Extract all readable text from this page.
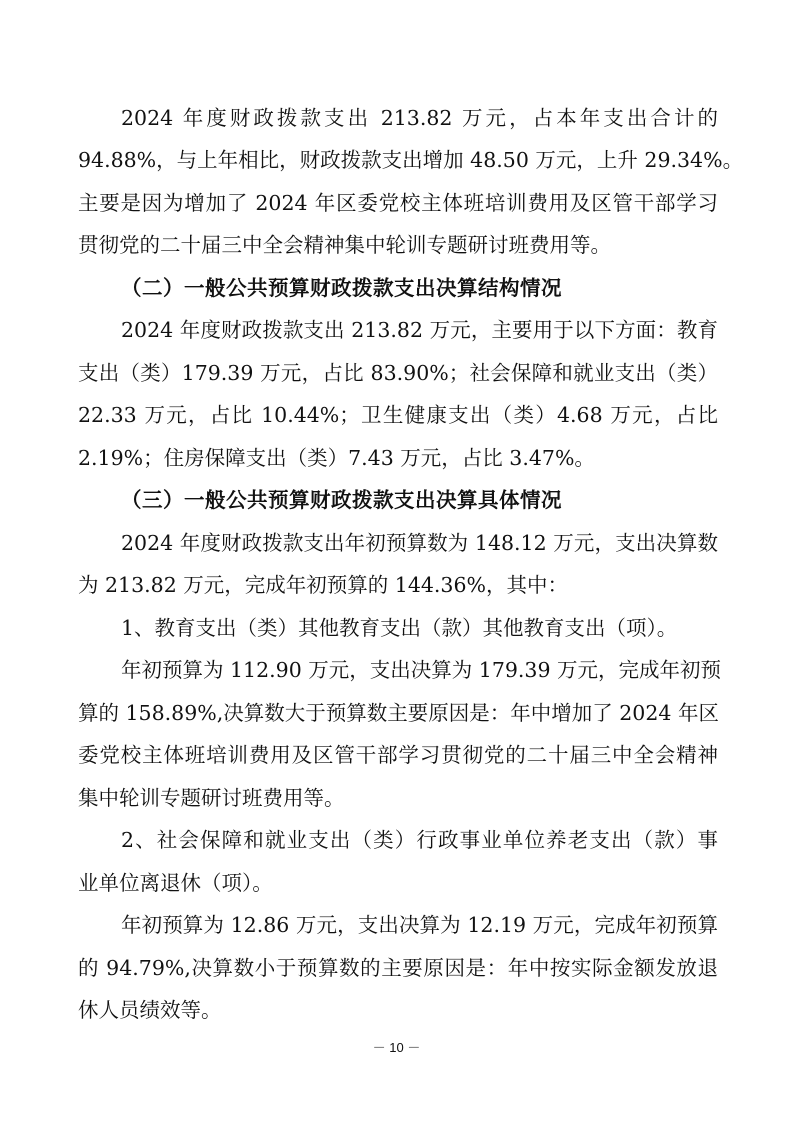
2024 年度财政拨款支出 213.82 万元，占本年支出合计的
94.88%，与上年相比，财政拨款支出增加 48.50 万元，上升 29.34%。
主要是因为增加了 2024 年区委党校主体班培训费用及区管干部学习
贯彻党的二十届三中全会精神集中轮训专题研讨班费用等。
（二）一般公共预算财政拨款支出决算结构情况
2024 年度财政拨款支出 213.82 万元，主要用于以下方面：教育
支出（类）179.39 万元，占比 83.90%；社会保障和就业支出（类）
22.33 万元，占比 10.44%；卫生健康支出（类）4.68 万元，占比
2.19%；住房保障支出（类）7.43 万元，占比 3.47%。
（三）一般公共预算财政拨款支出决算具体情况
2024 年度财政拨款支出年初预算数为 148.12 万元，支出决算数
为 213.82 万元，完成年初预算的 144.36%，其中：
1、教育支出（类）其他教育支出（款）其他教育支出（项）。
年初预算为 112.90 万元，支出决算为 179.39 万元，完成年初预
算的 158.89%,决算数大于预算数主要原因是：年中增加了 2024 年区
委党校主体班培训费用及区管干部学习贯彻党的二十届三中全会精神
集中轮训专题研讨班费用等。
2、社会保障和就业支出（类）行政事业单位养老支出（款）事
业单位离退休（项）。
年初预算为 12.86 万元，支出决算为 12.19 万元，完成年初预算
的 94.79%,决算数小于预算数的主要原因是：年中按实际金额发放退
休人员绩效等。
－ 10 －
